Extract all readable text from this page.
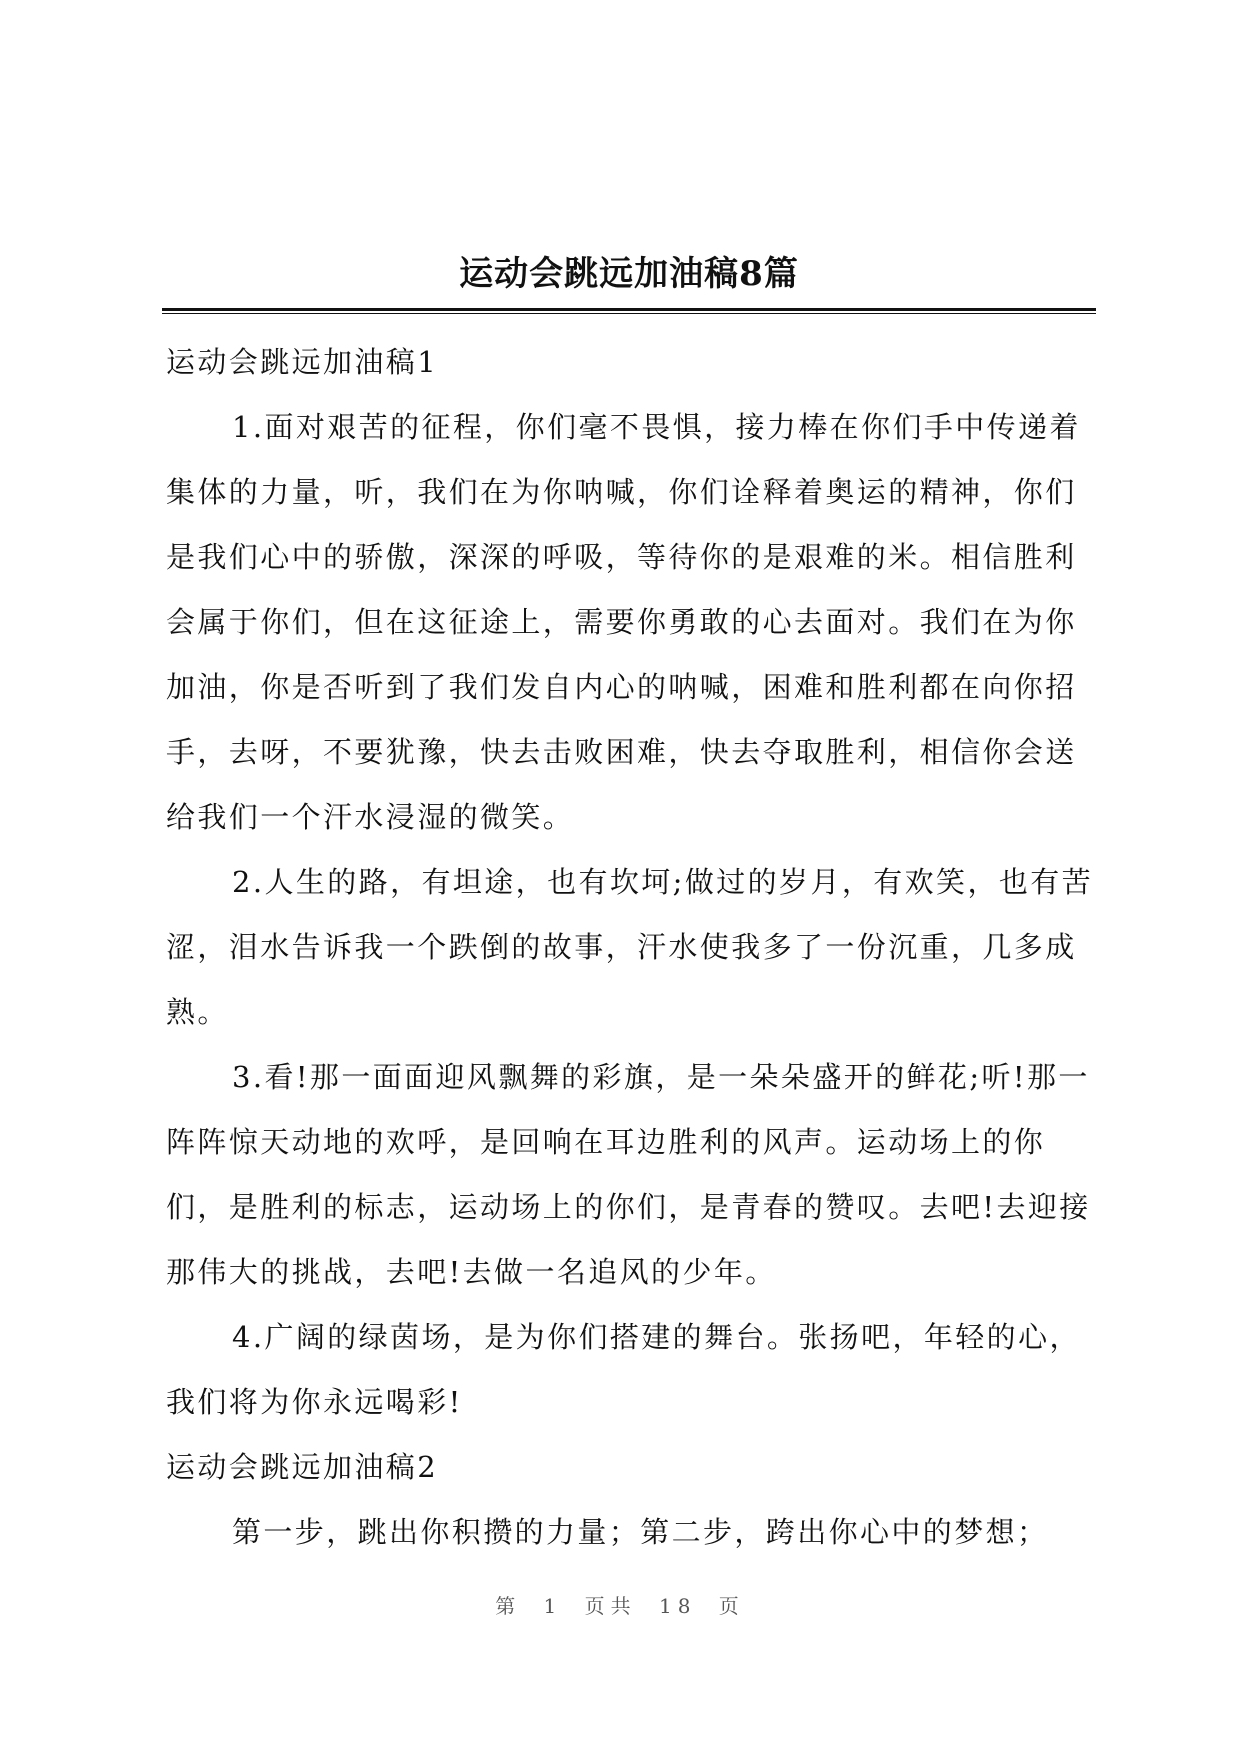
运动会跳远加油稿8篇

运动会跳远加油稿1

1.面对艰苦的征程，你们毫不畏惧，接力棒在你们手中传递着集体的力量，听，我们在为你呐喊，你们诠释着奥运的精神，你们是我们心中的骄傲，深深的呼吸，等待你的是艰难的米。相信胜利会属于你们，但在这征途上，需要你勇敢的心去面对。我们在为你加油，你是否听到了我们发自内心的呐喊，困难和胜利都在向你招手，去呀，不要犹豫，快去击败困难，快去夺取胜利，相信你会送给我们一个汗水浸湿的微笑。

2.人生的路，有坦途，也有坎坷;做过的岁月，有欢笑，也有苦涩，泪水告诉我一个跌倒的故事，汗水使我多了一份沉重，几多成熟。

3.看!那一面面迎风飘舞的彩旗，是一朵朵盛开的鲜花;听!那一阵阵惊天动地的欢呼，是回响在耳边胜利的风声。运动场上的你们，是胜利的标志，运动场上的你们，是青春的赞叹。去吧!去迎接那伟大的挑战，去吧!去做一名追风的少年。

4.广阔的绿茵场，是为你们搭建的舞台。张扬吧，年轻的心，我们将为你永远喝彩!

运动会跳远加油稿2

第一步，跳出你积攒的力量；第二步，跨出你心中的梦想；

第 1 页共 18 页
